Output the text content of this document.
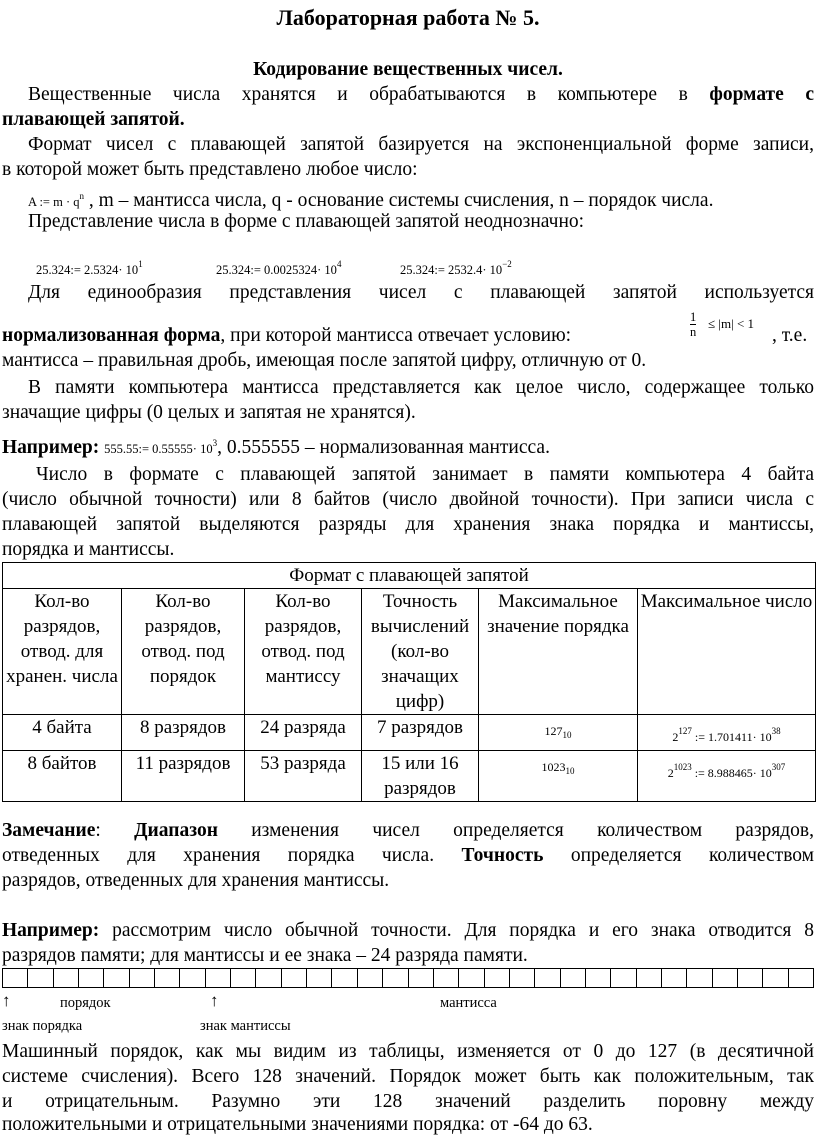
Лабораторная работа № 5.
Кодирование вещественных чисел.
Вещественные числа хранятся и обрабатываются в компьютере в формате с
плавающей запятой.
Формат чисел с плавающей запятой базируется на экспоненциальной форме записи,
в которой может быть представлено любое число:
A := $m \cdot q^n$ , m – мантисса числа, q - основание системы счисления, n – порядок числа.
Представление числа в форме с плавающей запятой неоднозначно:
25.324:= $2.5324\cdot 10^1$	25.324:= $0.0025324\cdot 10^4$	25.324:= $2532.4\cdot 10^{-2}$
Для единообразия представления чисел с плавающей запятой используется
нормализованная форма, при которой мантисса отвечает условию:	$\frac{1}{n} \le |m| < 1$
, т.е.
мантисса – правильная дробь, имеющая после запятой цифру, отличную от 0.
В памяти компьютера мантисса представляется как целое число, содержащее только
значащие цифры (0 целых и запятая не хранятся).
Например: 555.55:= $0.55555\cdot 10^3$, 0.555555 – нормализованная мантисса.
Число в формате с плавающей запятой занимает в памяти компьютера 4 байта
(число обычной точности) или 8 байтов (число двойной точности). При записи числа с
плавающей запятой выделяются разряды для хранения знака порядка и мантиссы,
порядка и мантиссы.
Формат с плавающей запятой					
Кол-во разрядов, отвод. для хранен. числа	Кол-во разрядов, отвод. под порядок	Кол-во разрядов, отвод. под мантиссу	Точность вычислений (кол-во значащих цифр)	Максимальное значение порядка	Максимальное число
4 байта	8 разрядов	24 разряда	7 разрядов	$127_{10}$	$2^{127}$ := $1.701411\cdot 10^{38}$
8 байтов	11 разрядов	53 разряда	15 или 16 разрядов	$1023_{10}$	$2^{1023}$ := $8.988465\cdot 10^{307}$
Замечание: Диапазон изменения чисел определяется количеством разрядов,
отведенных для хранения порядка числа. Точность определяется количеством
разрядов, отведенных для хранения мантиссы.
Например: рассмотрим число обычной точности. Для порядка и его знака отводится 8
разрядов памяти; для мантиссы и ее знака – 24 разряда памяти.
↑	порядок	↑	мантисса
знак порядка	знак мантиссы
Машинный порядок, как мы видим из таблицы, изменяется от 0 до 127 (в десятичной
системе счисления). Всего 128 значений. Порядок может быть как положительным, так
и отрицательным. Разумно эти 128 значений разделить поровну между
положительными и отрицательными значениями порядка: от -64 до 63.
